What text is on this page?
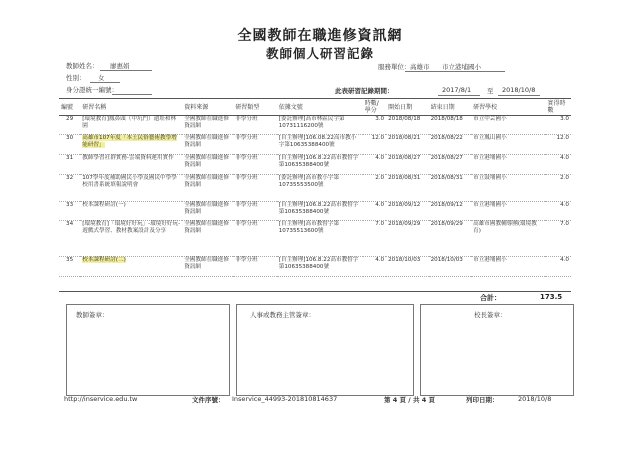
全國教師在職進修資訊網
教師個人研習記錄
教師姓名： 廖惠娟
性別： 女
身分證統一編號：
服務單位： 高雄市 市立港埔國小
此表研習記錄期間：	2017/8/1 至 2018/10/8
編號	研習名稱	資料來源	研習類型	依據文號	時數/學分	開始日期	結束日期	研習學校	實得時數
29	[環境教育]鳳鼻頭（中坑門）遺址和林園	全國教師在職進修資訊網	非學分班	[委託辦理]高市林區民字第10731116200號	3.0	2018/08/18	2018/08/18	市立中芸國小	3.0
30	高雄市107年度「本土民俗藝術教學增能研習」	全國教師在職進修資訊網	非學分班	[自主辦理]106.08.22高市教小字第10635388400號	12.0	2018/08/21	2018/08/22	市立鳳山國小	12.0
31	教師學習社群實務-雲端資料運用實作	全國教師在職進修資訊網	非學分班	[自主辦理]106.8.22高市教督字第10635388400號	4.0	2018/08/27	2018/08/27	市立港埔國小	4.0
32	107學年度補助國民小學及國民中學學校用書系統填報說明會	全國教師在職進修資訊網	非學分班	[委託辦理]高市教小字第10735553500號	2.0	2018/08/31	2018/08/31	市立鼓埔國小	2.0
33	校本課程研討(一)	全國教師在職進修資訊網	非學分班	[自主辦理]106.8.22高市教督字第10635388400號	4.0	2018/09/12	2018/09/12	市立港埔國小	4.0
34	[環境教育]「環境好好玩」-環境好好玩-遊戲式學習、教材教案設計及分享	全國教師在職進修資訊網	非學分班	[自主辦理]高市教督字第10735513600號	7.0	2018/09/29	2018/09/29	高雄市國教輔導團(環境教育)	7.0
35	校本課程研討(二)	全國教師在職進修資訊網	非學分班	[自主辦理]106.8.22高市教督字第10635388400號	4.0	2018/10/03	2018/10/03	市立港埔國小	4.0
合計：	173.5
教師簽章：	人事或教務主管簽章：	校長簽章：
http://inservice.edu.tw	文件序號： Inservice_44993-201810814637	第 4 頁 / 共 4 頁	列印日期：	2018/10/8
